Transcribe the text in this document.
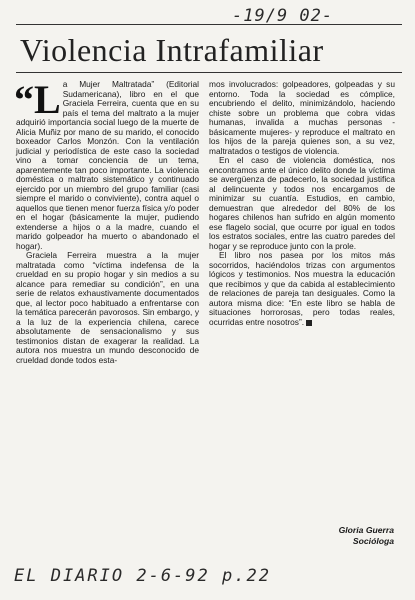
-19/9 02-
Violencia Intrafamiliar

“La Mujer Maltratada” (Editorial Sudamericana), libro en el que Graciela Ferreira, cuenta que en su país el tema del maltrato a la mujer adquirió importancia social luego de la muerte de Alicia Muñiz por mano de su marido, el conocido boxeador Carlos Monzón. Con la ventilación judicial y periodística de este caso la sociedad vino a tomar conciencia de un tema, aparentemente tan poco importante. La violencia doméstica o maltrato sistemático y continuado ejercido por un miembro del grupo familiar (casi siempre el marido o conviviente), contra aquel o aquellos que tienen menor fuerza física y/o poder en el hogar (básicamente la mujer, pudiendo extenderse a hijos o a la madre, cuando el marido golpeador ha muerto o abandonado el hogar).

Graciela Ferreira muestra a la mujer maltratada como “víctima indefensa de la crueldad en su propio hogar y sin medios a su alcance para remediar su condición”, en una serie de relatos exhaustivamente documentados que, al lector poco habituado a enfrentarse con la temática parecerán pavorosos. Sin embargo, y a la luz de la experiencia chilena, carece absolutamente de sensacionalismo y sus testimonios distan de exagerar la realidad. La autora nos muestra un mundo desconocido de crueldad donde todos esta-

mos involucrados: golpeadores, golpeadas y su entorno. Toda la sociedad es cómplice, encubriendo el delito, minimizándolo, haciendo chiste sobre un problema que cobra vidas humanas, invalida a muchas personas -básicamente mujeres- y reproduce el maltrato en los hijos de la pareja quienes son, a su vez, maltratados o testigos de violencia.

En el caso de violencia doméstica, nos encontramos ante el único delito donde la víctima se avergüenza de padecerlo, la sociedad justifica al delincuente y todos nos encargamos de minimizar su cuantía. Estudios, en cambio, demuestran que alrededor del 80% de los hogares chilenos han sufrido en algún momento ese flagelo social, que ocurre por igual en todos los estratos sociales, entre las cuatro paredes del hogar y se reproduce junto con la prole.

El libro nos pasea por los mitos más socorridos, haciéndolos trizas con argumentos lógicos y testimonios. Nos muestra la educación que recibimos y que da cabida al establecimiento de relaciones de pareja tan desiguales. Como la autora misma dice: “En este libro se habla de situaciones horrorosas, pero todas reales, ocurridas entre nosotros”.

Gloria Guerra
Socióloga
EL DIARIO 2-6-92 p.22
